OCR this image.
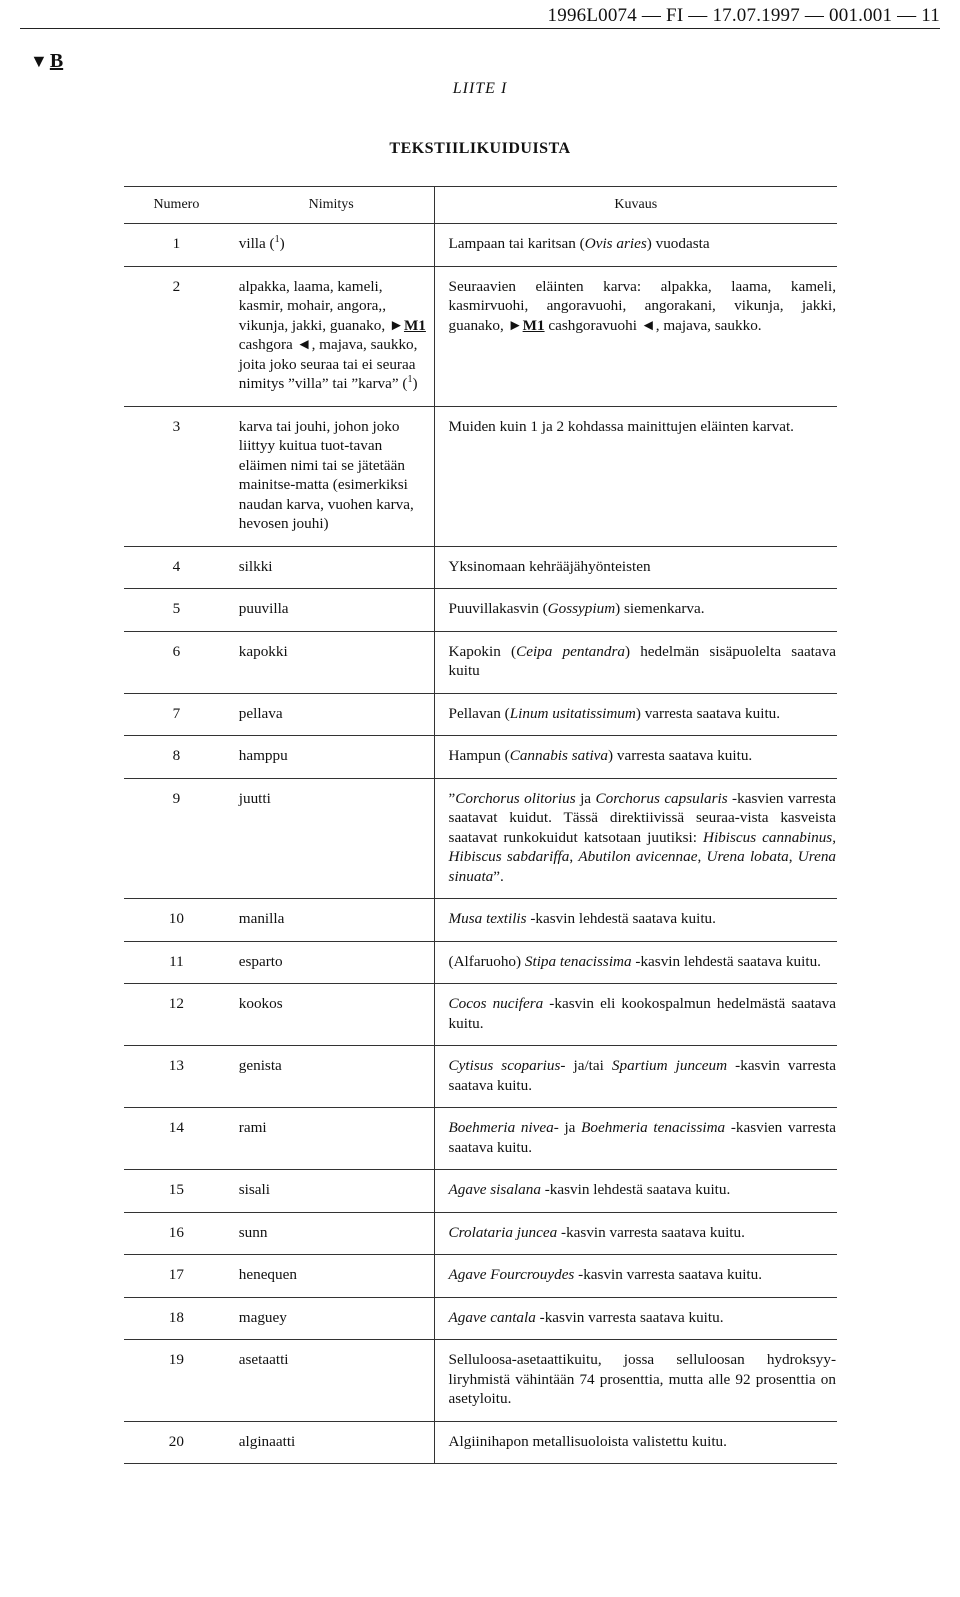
1996L0074 — FI — 17.07.1997 — 001.001 — 11
▼ B
LIITE I
TEKSTIILIKUIDUISTA
Numero	Nimitys	Kuvaus
1	villa ($^1$)	Lampaan tai karitsan (Ovis aries) vuodasta

2	alpakka, laama, kameli, kasmir, mohair, angora,, vikunja, jakki, guanako, ►M1 cashgora ◄, majava, saukko, joita joko seuraa tai ei seuraa nimitys ”villa” tai ”karva” ($^1$)	Seuraavien eläinten karva: alpakka, laama, kameli, kasmirvuohi, angoravuohi, angorakani, vikunja, jakki, guanako, ►M1 cashgoravuohi ◄, majava, saukko.

3	karva tai jouhi, johon joko liittyy kuitua tuot-tavan eläimen nimi tai se jätetään mainitse-matta (esimerkiksi naudan karva, vuohen karva, hevosen jouhi)	Muiden kuin 1 ja 2 kohdassa mainittujen eläinten karvat.

4	silkki	Yksinomaan kehrääjähyönteisten

5	puuvilla	Puuvillakasvin (Gossypium) siemenkarva.

6	kapokki	Kapokin (Ceipa pentandra) hedelmän sisäpuolelta saatava kuitu

7	pellava	Pellavan (Linum usitatissimum) varresta saatava kuitu.

8	hamppu	Hampun (Cannabis sativa) varresta saatava kuitu.

9	juutti	”Corchorus olitorius ja Corchorus capsularis -kasvien varresta saatavat kuidut. Tässä direktiivissä seuraa-vista kasveista saatavat runkokuidut katsotaan juutiksi: Hibiscus cannabinus, Hibiscus sabdariffa, Abutilon avicennae, Urena lobata, Urena sinuata”.

10	manilla	Musa textilis -kasvin lehdestä saatava kuitu.

11	esparto	(Alfaruoho) Stipa tenacissima -kasvin lehdestä saatava kuitu.

12	kookos	Cocos nucifera -kasvin eli kookospalmun hedelmästä saatava kuitu.

13	genista	Cytisus scoparius- ja/tai Spartium junceum -kasvin varresta saatava kuitu.

14	rami	Boehmeria nivea- ja Boehmeria tenacissima -kasvien varresta saatava kuitu.

15	sisali	Agave sisalana -kasvin lehdestä saatava kuitu.

16	sunn	Crolataria juncea -kasvin varresta saatava kuitu.

17	henequen	Agave Fourcrouydes -kasvin varresta saatava kuitu.

18	maguey	Agave cantala -kasvin varresta saatava kuitu.

19	asetaatti	Selluloosa-asetaattikuitu, jossa selluloosan hydroksyy-liryhmistä vähintään 74 prosenttia, mutta alle 92 prosenttia on asetyloitu.

20	alginaatti	Algiinihapon metallisuoloista valistettu kuitu.
